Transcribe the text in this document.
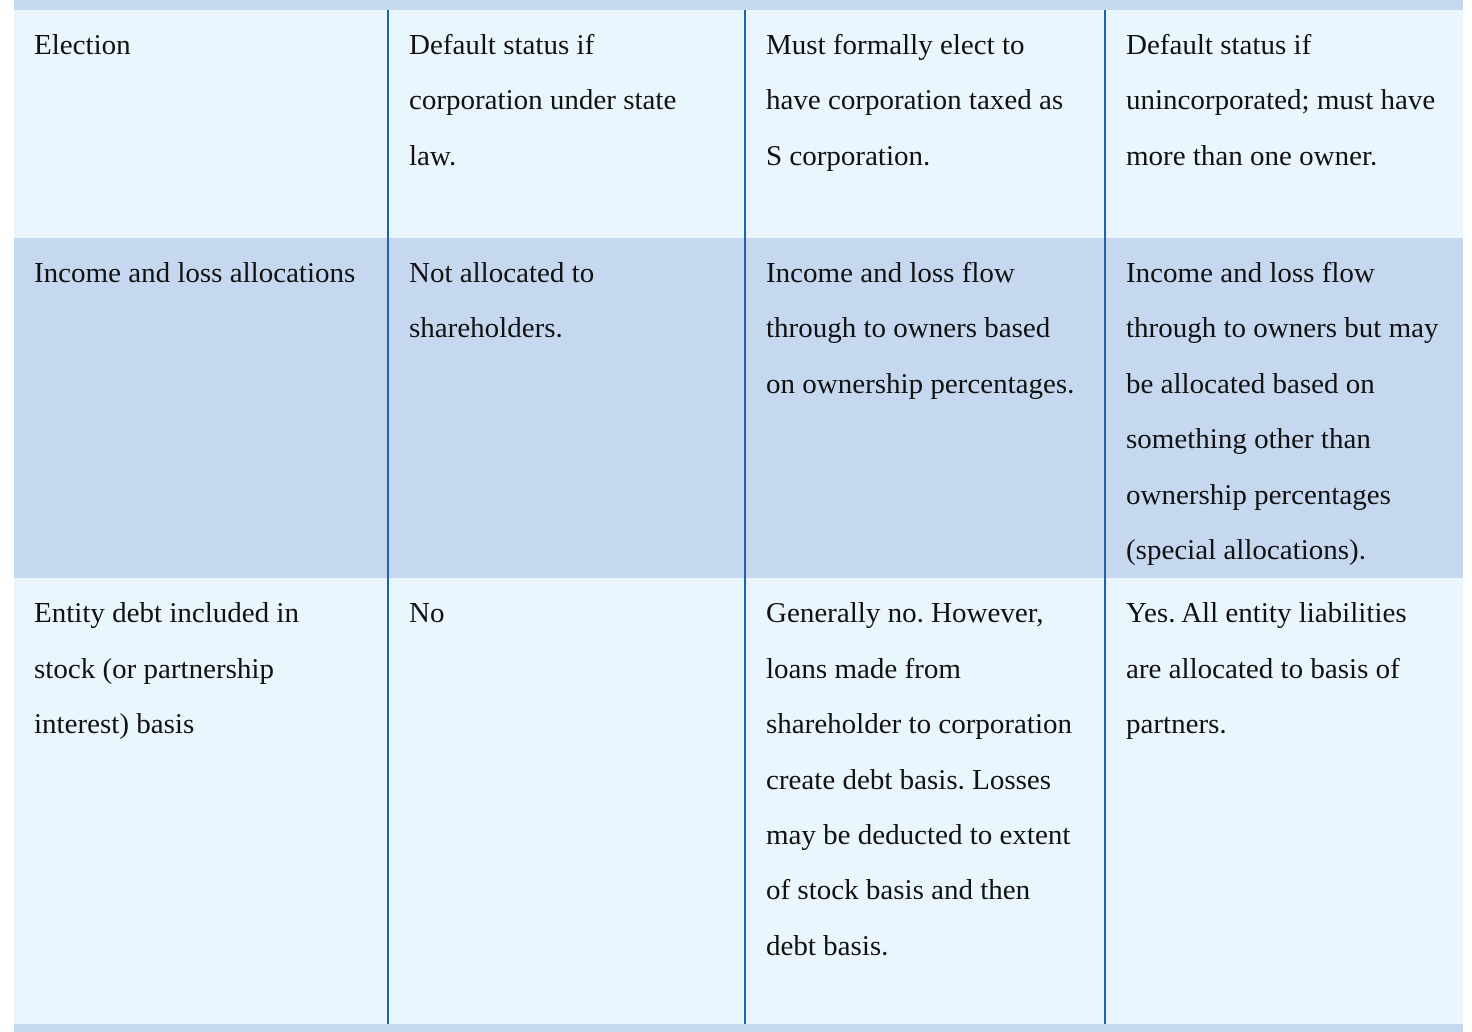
Election	Default status if corporation under state law.	Must formally elect to have corporation taxed as S corporation.	Default status if unincorporated; must have more than one owner.
Income and loss allocations	Not allocated to shareholders.	Income and loss flow through to owners based on ownership percentages.	Income and loss flow through to owners but may be allocated based on something other than ownership percentages (special allocations).
Entity debt included in stock (or partnership interest) basis	No	Generally no. However, loans made from shareholder to corporation create debt basis. Losses may be deducted to extent of stock basis and then debt basis.	Yes. All entity liabilities are allocated to basis of partners.
